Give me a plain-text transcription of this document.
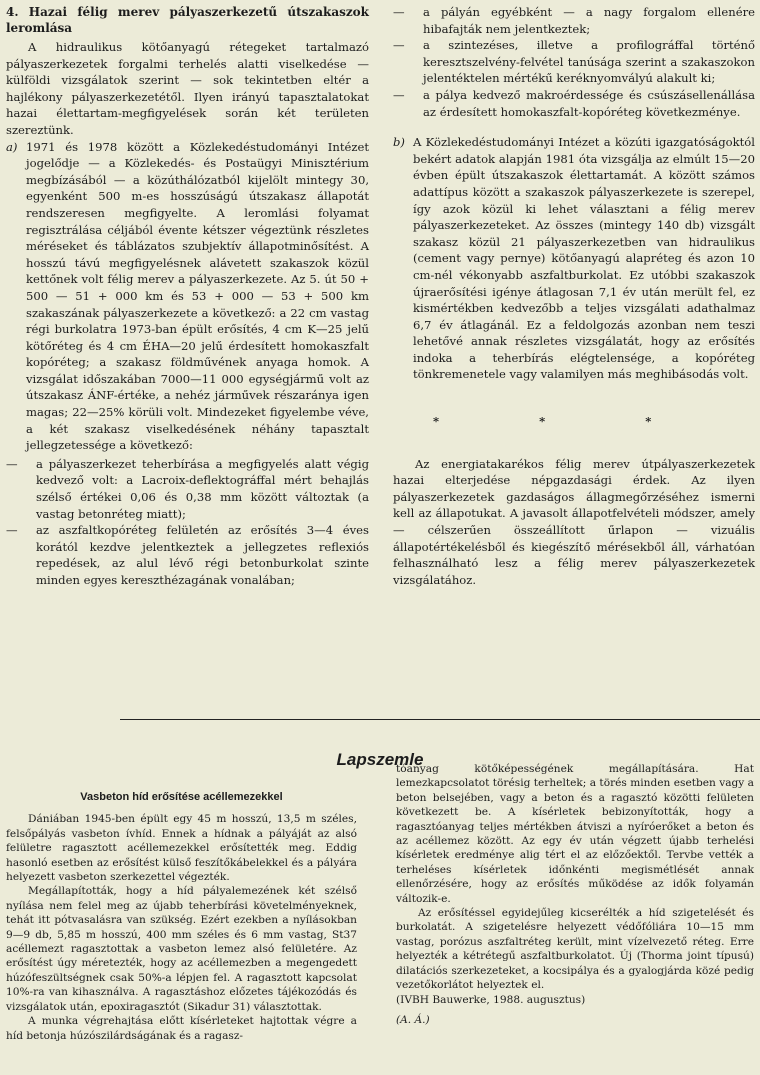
4. Hazai félig merev pályaszerkezetű útszakaszok leromlása

A hidraulikus kötőanyagú rétegeket tartalmazó pályaszerkezetek forgalmi terhelés alatti viselkedése — külföldi vizsgálatok szerint — sok tekintetben eltér a hajlékony pályaszerkezetétől. Ilyen irányú tapasztalatokat hazai élettartam-megfigyelések során két területen szereztünk.

a) 1971 és 1978 között a Közlekedéstudományi Intézet jogelődje — a Közlekedés- és Postaügyi Minisztérium megbízásából — a közúthálózatból kijelölt mintegy 30, egyenként 500 m-es hosszúságú útszakasz állapotát rendszeresen megfigyelte. A leromlási folyamat regisztrálása céljából évente kétszer végeztünk részletes méréseket és táblázatos szubjektív állapotminősítést. A hosszú távú megfigyelésnek alávetett szakaszok közül kettőnek volt félig merev a pályaszerkezete. Az 5. út 50 + 500 — 51 + 000 km és 53 + 000 — 53 + 500 km szakaszának pályaszerkezete a következő: a 22 cm vastag régi burkolatra 1973-ban épült erősítés, 4 cm K—25 jelű kötőréteg és 4 cm ÉHA—20 jelű érdesített homokaszfalt kopóréteg; a szakasz földművének anyaga homok. A vizsgálat időszakában 7000—11 000 egységjármű volt az útszakasz ÁNF-értéke, a nehéz járművek részaránya igen magas; 22—25% körüli volt. Mindezeket figyelembe véve, a két szakasz viselkedésének néhány tapasztalt jellegzetessége a következő:
—	a pályaszerkezet teherbírása a megfigyelés alatt végig kedvező volt: a Lacroix-deflektográffal mért behajlás szélső értékei 0,06 és 0,38 mm között változtak (a vastag betonréteg miatt);
—	az aszfaltkopóréteg felületén az erősítés 3—4 éves korától kezdve jelentkeztek a jellegzetes reflexiós repedések, az alul lévő régi betonburkolat szinte minden egyes kereszthézagának vonalában;
—	a pályán egyébként — a nagy forgalom ellenére hibafajták nem jelentkeztek;
—	a szintezéses, illetve a profilográffal történő keresztszelvény-felvétel tanúsága szerint a szakaszokon jelentéktelen mértékű keréknyomvályú alakult ki;
—	a pálya kedvező makroérdessége és csúszásellenállása az érdesített homokaszfalt-kopóréteg következménye.
b) A Közlekedéstudományi Intézet a közúti igazgatóságoktól bekért adatok alapján 1981 óta vizsgálja az elmúlt 15—20 évben épült útszakaszok élettartamát. A között számos adattípus között a szakaszok pályaszerkezete is szerepel, így azok közül ki lehet választani a félig merev pályaszerkezeteket. Az összes (mintegy 140 db) vizsgált szakasz közül 21 pályaszerkezetben van hidraulikus (cement vagy pernye) kötőanyagú alapréteg és azon 10 cm-nél vékonyabb aszfaltburkolat. Ez utóbbi szakaszok újraerősítési igénye átlagosan 7,1 év után merült fel, ez kismértékben kedvezőbb a teljes vizsgálati adathalmaz 6,7 év átlagánál. Ez a feldolgozás azonban nem teszi lehetővé annak részletes vizsgálatát, hogy az erősítés indoka a teherbírás elégtelensége, a kopóréteg tönkremenetele vagy valamilyen más meghibásodás volt.

* * *

Az energiatakarékos félig merev útpályaszerkezetek hazai elterjedése népgazdasági érdek. Az ilyen pályaszerkezetek gazdaságos állagmegőrzéséhez ismerni kell az állapotukat. A javasolt állapotfelvételi módszer, amely — célszerűen összeállított űrlapon — vizuális állapotértékelésből és kiegészítő mérésekből áll, várhatóan felhasználható lesz a félig merev pályaszerkezetek vizsgálatához.

Lapszemle

Vasbeton híd erősítése acéllemezekkel

Dániában 1945-ben épült egy 45 m hosszú, 13,5 m széles, felsőpályás vasbeton ívhíd. Ennek a hídnak a pályáját az alsó felületre ragasztott acéllemezekkel erősítették meg. Eddig hasonló esetben az erősítést külső feszítőkábelekkel és a pályára helyezett vasbeton szerkezettel végezték.

Megállapították, hogy a híd pályalemezének két szélső nyílása nem felel meg az újabb teherbírási követelményeknek, tehát itt pótvasalásra van szükség. Ezért ezekben a nyílásokban 9—9 db, 5,85 m hosszú, 400 mm széles és 6 mm vastag, St37 acéllemezt ragasztottak a vasbeton lemez alsó felületére. Az erősítést úgy méretezték, hogy az acéllemezben a megengedett húzófeszültségnek csak 50%-a lépjen fel. A ragasztott kapcsolat 10%-ra van kihasználva. A ragasztáshoz előzetes tájékozódás és vizsgálatok után, epoxiragasztót (Sikadur 31) választottak.

A munka végrehajtása előtt kísérleteket hajtottak végre a híd betonja húzószilárdságának és a ragasz-

tóanyag kötőképességének megállapítására. Hat lemezkapcsolatot törésig terheltek; a törés minden esetben vagy a beton belsejében, vagy a beton és a ragasztó közötti felületen következett be. A kísérletek bebizonyították, hogy a ragasztóanyag teljes mértékben átviszi a nyíróerőket a beton és az acéllemez között. Az egy év után végzett újabb terhelési kísérletek eredménye alig tért el az előzőektől. Tervbe vették a terheléses kísérletek időnkénti megismétlését annak ellenőrzésére, hogy az erősítés működése az idők folyamán változik-e.

Az erősítéssel egyidejűleg kicserélték a híd szigetelését és burkolatát. A szigetelésre helyezett védőfóliára 10—15 mm vastag, porózus aszfaltréteg került, mint vízelvezető réteg. Erre helyezték a kétrétegű aszfaltburkolatot. Új (Thorma joint típusú) dilatációs szerkezeteket, a kocsipálya és a gyalogjárda közé pedig vezetőkorlátot helyeztek el.

(IVBH Bauwerke, 1988. augusztus)

(A. Á.)
